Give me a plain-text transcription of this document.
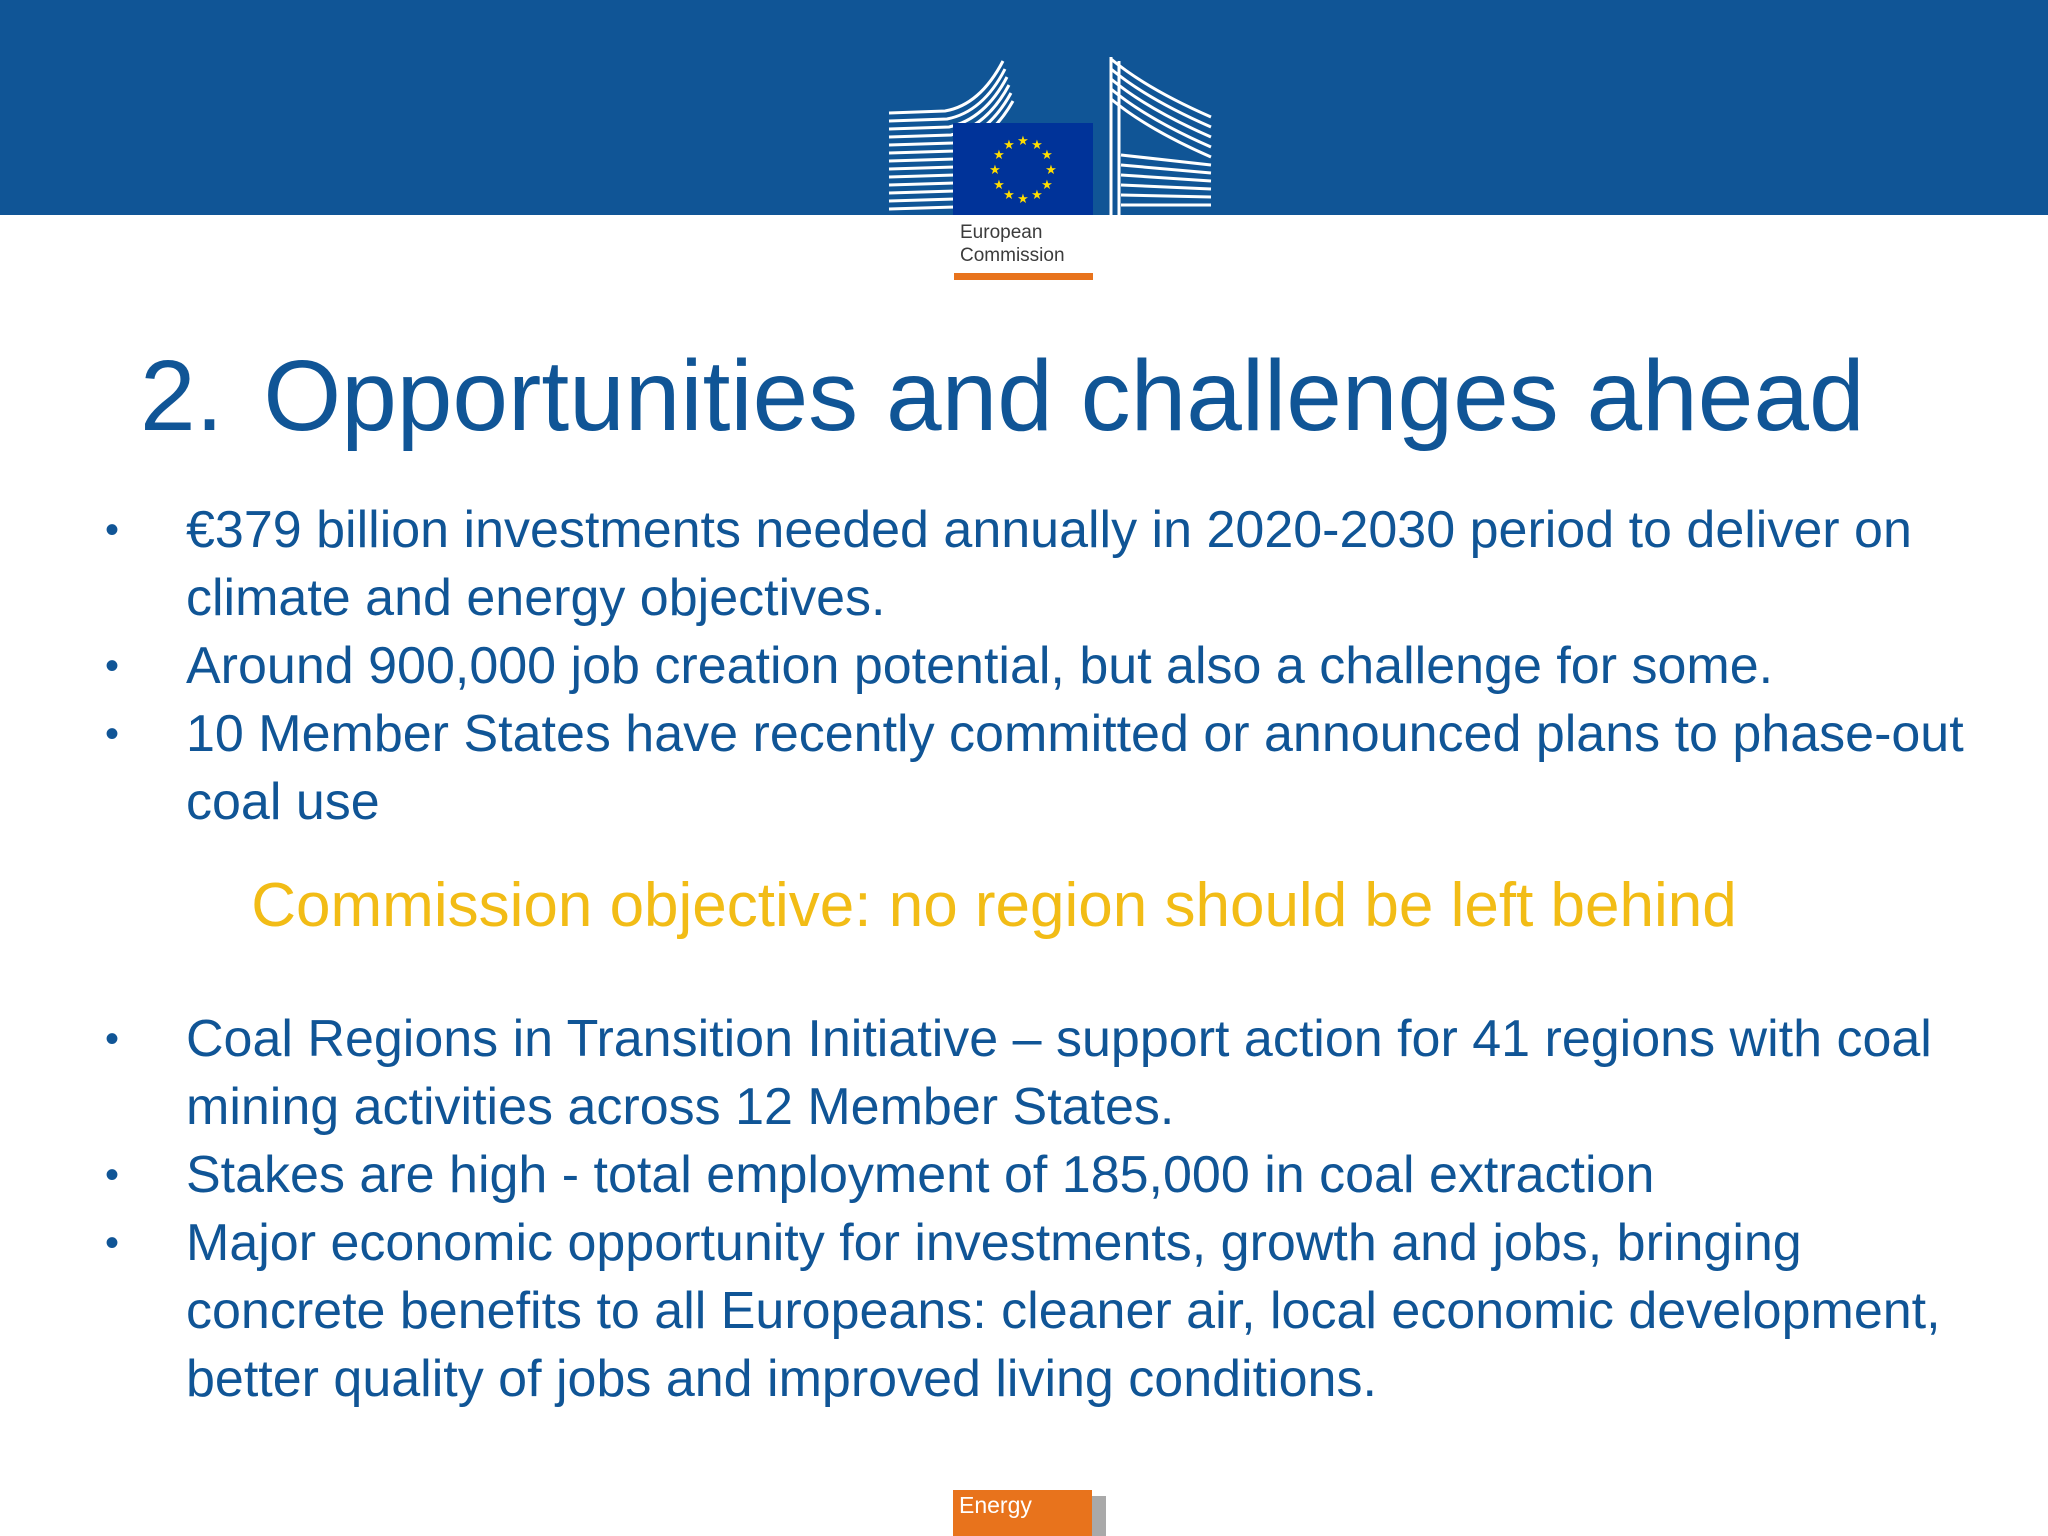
★ ★
★
★
★
★
★
★
★
★
★
★
European
Commission
2. Opportunities and challenges ahead
• €379 billion investments needed annually in 2020-2030 period to deliver on climate and energy objectives.
• Around 900,000 job creation potential, but also a challenge for some.
• 10 Member States have recently committed or announced plans to phase-out coal use
Commission objective: no region should be left behind
• Coal Regions in Transition Initiative – support action for 41 regions with coal mining activities across 12 Member States.
• Stakes are high - total employment of 185,000 in coal extraction
• Major economic opportunity for investments, growth and jobs, bringing concrete benefits to all Europeans: cleaner air, local economic development, better quality of jobs and improved living conditions.
Energy
